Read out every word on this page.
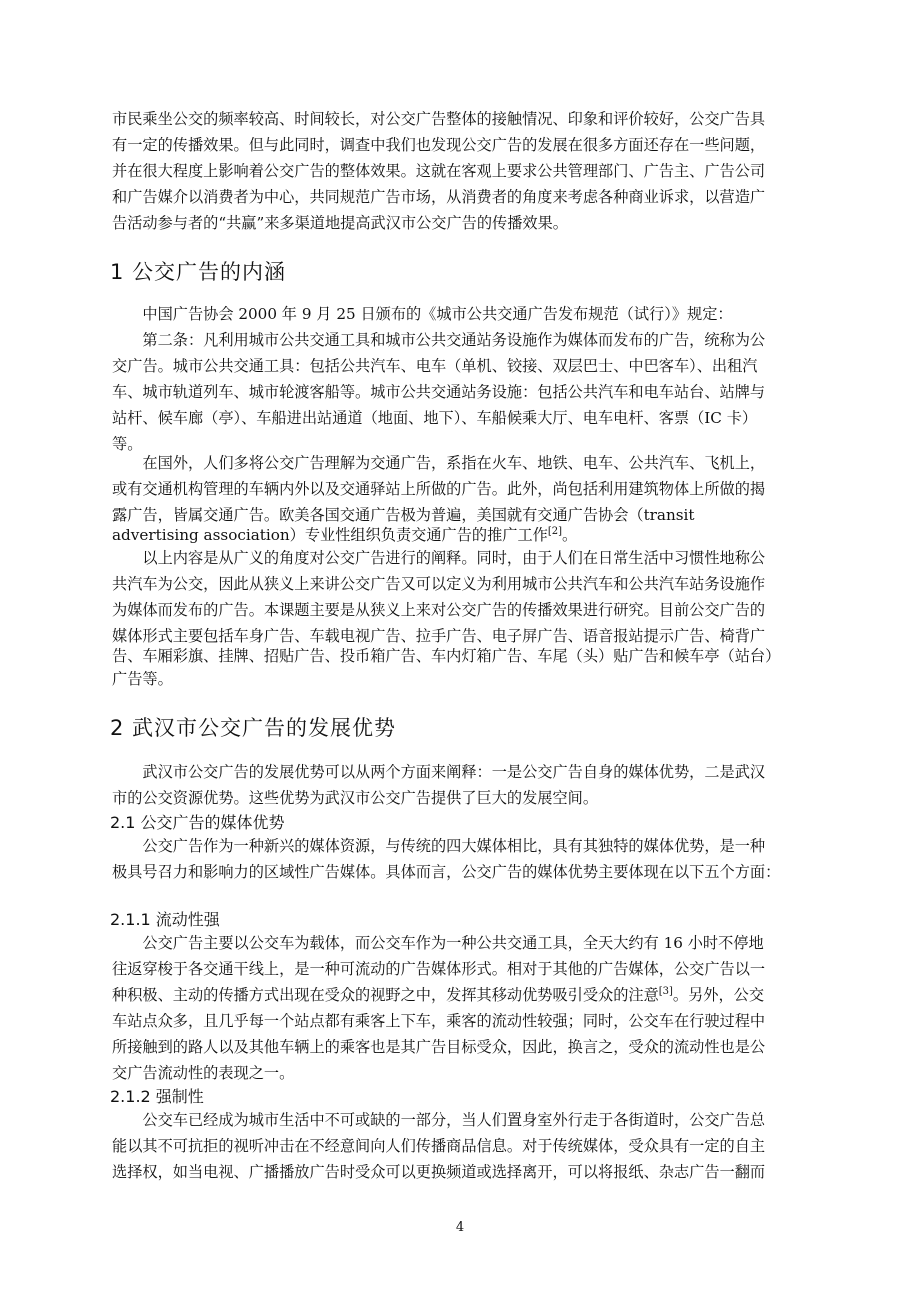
市民乘坐公交的频率较高、时间较长，对公交广告整体的接触情况、印象和评价较好，公交广告具
有一定的传播效果。但与此同时，调查中我们也发现公交广告的发展在很多方面还存在一些问题，
并在很大程度上影响着公交广告的整体效果。这就在客观上要求公共管理部门、广告主、广告公司
和广告媒介以消费者为中心，共同规范广告市场，从消费者的角度来考虑各种商业诉求，以营造广
告活动参与者的“共赢”来多渠道地提高武汉市公交广告的传播效果。
1 公交广告的内涵
　　中国广告协会 2000 年 9 月 25 日颁布的《城市公共交通广告发布规范（试行）》规定：
　　第二条：凡利用城市公共交通工具和城市公共交通站务设施作为媒体而发布的广告，统称为公
交广告。城市公共交通工具：包括公共汽车、电车（单机、铰接、双层巴士、中巴客车）、出租汽
车、城市轨道列车、城市轮渡客船等。城市公共交通站务设施：包括公共汽车和电车站台、站牌与
站杆、候车廊（亭）、车船进出站通道（地面、地下）、车船候乘大厅、电车电杆、客票（IC 卡）
等。
　　在国外，人们多将公交广告理解为交通广告，系指在火车、地铁、电车、公共汽车、飞机上，
或有交通机构管理的车辆内外以及交通驿站上所做的广告。此外，尚包括利用建筑物体上所做的揭
露广告，皆属交通广告。欧美各国交通广告极为普遍，美国就有交通广告协会（transit
advertising association）专业性组织负责交通广告的推广工作[2]。
　　以上内容是从广义的角度对公交广告进行的阐释。同时，由于人们在日常生活中习惯性地称公
共汽车为公交，因此从狭义上来讲公交广告又可以定义为利用城市公共汽车和公共汽车站务设施作
为媒体而发布的广告。本课题主要是从狭义上来对公交广告的传播效果进行研究。目前公交广告的
媒体形式主要包括车身广告、车载电视广告、拉手广告、电子屏广告、语音报站提示广告、椅背广
告、车厢彩旗、挂牌、招贴广告、投币箱广告、车内灯箱广告、车尾（头）贴广告和候车亭（站台）
广告等。
2 武汉市公交广告的发展优势
　　武汉市公交广告的发展优势可以从两个方面来阐释：一是公交广告自身的媒体优势，二是武汉
市的公交资源优势。这些优势为武汉市公交广告提供了巨大的发展空间。
2.1 公交广告的媒体优势
　　公交广告作为一种新兴的媒体资源，与传统的四大媒体相比，具有其独特的媒体优势，是一种
极具号召力和影响力的区域性广告媒体。具体而言，公交广告的媒体优势主要体现在以下五个方面：
2.1.1 流动性强
　　公交广告主要以公交车为载体，而公交车作为一种公共交通工具，全天大约有 16 小时不停地
往返穿梭于各交通干线上，是一种可流动的广告媒体形式。相对于其他的广告媒体，公交广告以一
种积极、主动的传播方式出现在受众的视野之中，发挥其移动优势吸引受众的注意[3]。另外，公交
车站点众多，且几乎每一个站点都有乘客上下车，乘客的流动性较强；同时，公交车在行驶过程中
所接触到的路人以及其他车辆上的乘客也是其广告目标受众，因此，换言之，受众的流动性也是公
交广告流动性的表现之一。
2.1.2 强制性
　　公交车已经成为城市生活中不可或缺的一部分，当人们置身室外行走于各街道时，公交广告总
能以其不可抗拒的视听冲击在不经意间向人们传播商品信息。对于传统媒体，受众具有一定的自主
选择权，如当电视、广播播放广告时受众可以更换频道或选择离开，可以将报纸、杂志广告一翻而
4
